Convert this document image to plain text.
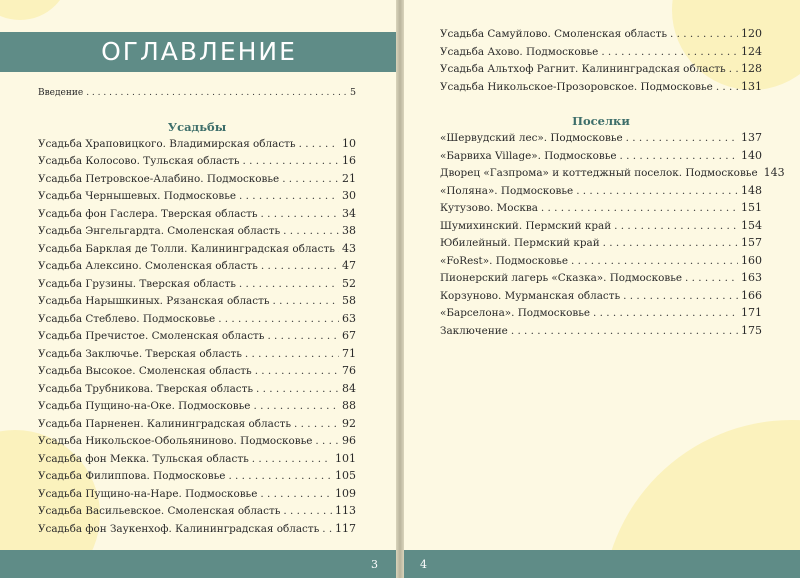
ОГЛАВЛЕНИЕ
Введение . . .	5
Усадьбы
Усадьба Храповицкого. Владимирская область . . .	10
Усадьба Колосово. Тульская область . . .	16
Усадьба Петровское-Алабино. Подмосковье . . .	21
Усадьба Чернышевых. Подмосковье . . .	30
Усадьба фон Гаслера. Тверская область . . .	34
Усадьба Энгельгардта. Смоленская область . . .	38
Усадьба Барклая де Толли. Калининградская область . . . 43
Усадьба Алексино. Смоленская область . . .	47
Усадьба Грузины. Тверская область . . .	52
Усадьба Нарышкиных. Рязанская область . . .	58
Усадьба Стеблево. Подмосковье . . .	63
Усадьба Пречистое. Смоленская область . . .	67
Усадьба Заключье. Тверская область . . .	71
Усадьба Высокое. Смоленская область . . .	76
Усадьба Трубникова. Тверская область . . .	84
Усадьба Пущино-на-Оке. Подмосковье . . .	88
Усадьба Парненен. Калининградская область . . .	92
Усадьба Никольское-Обольяниново. Подмосковье . . .	96
Усадьба фон Мекка. Тульская область . . .	101
Усадьба Филиппова. Подмосковье . . .	105
Усадьба Пущино-на-Наре. Подмосковье . . .	109
Усадьба Васильевское. Смоленская область . . .	113
Усадьба фон Заукенхоф. Калининградская область . . . 117
3
Усадьба Самуйлово. Смоленская область . . .	120
Усадьба Ахово. Подмосковье . . .	124
Усадьба Альтхоф Рагнит. Калининградская область . . . 128
Усадьба Никольское-Прозоровское. Подмосковье . . .	131
Поселки
«Шервудский лес». Подмосковье . . .	137
«Барвиха Village». Подмосковье . . .	140
Дворец «Газпрома» и коттеджный поселок. Подмосковье 143
«Поляна». Подмосковье . . .	148
Кутузово. Москва . . .	151
Шумихинский. Пермский край . . .	154
Юбилейный. Пермский край . . .	157
«FoRest». Подмосковье . . .	160
Пионерский лагерь «Сказка». Подмосковье . . .	163
Корзуново. Мурманская область . . .	166
«Барселона». Подмосковье . . .	171
Заключение . . .	175
4
